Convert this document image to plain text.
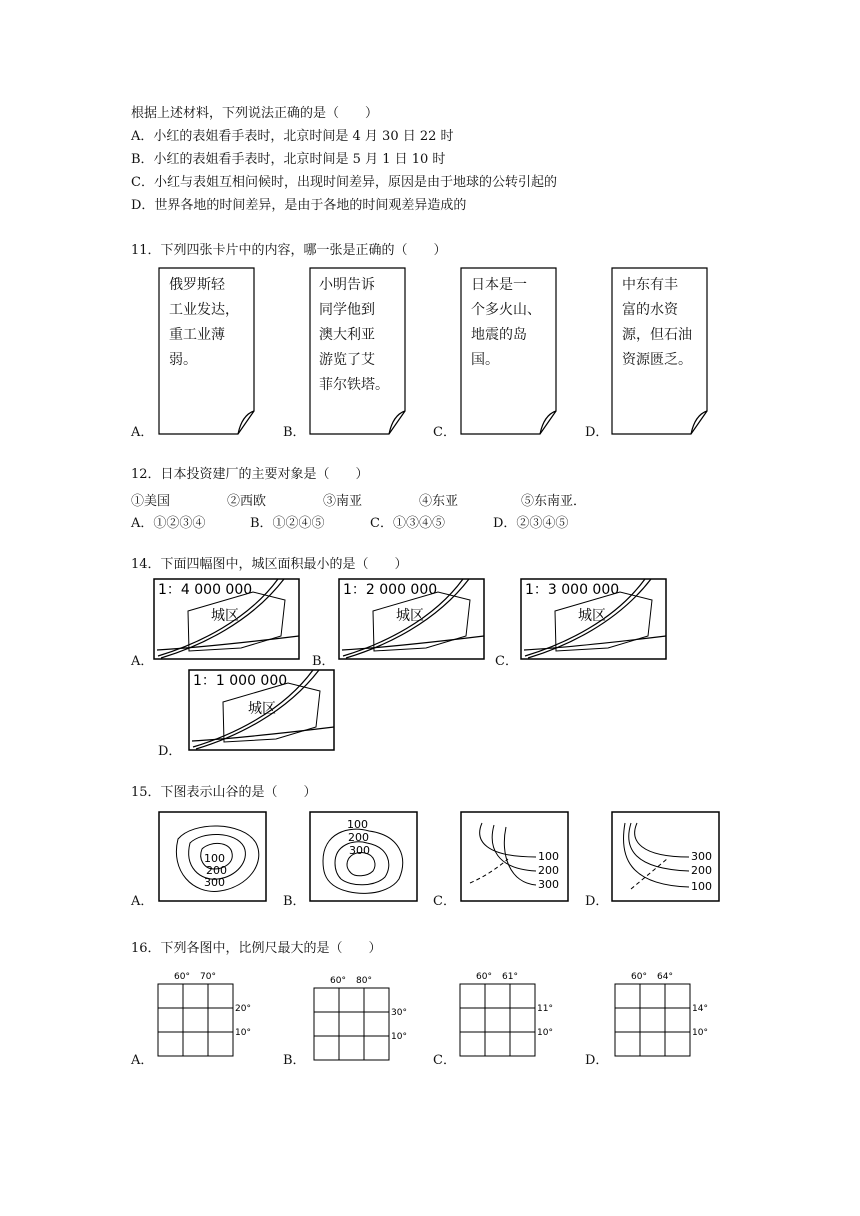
根据上述材料，下列说法正确的是（　　）
A．小红的表姐看手表时，北京时间是 4 月 30 日 22 时
B．小红的表姐看手表时，北京时间是 5 月 1 日 10 时
C．小红与表姐互相问候时，出现时间差异，原因是由于地球的公转引起的
D．世界各地的时间差异，是由于各地的时间观差异造成的
11．下列四张卡片中的内容，哪一张是正确的（　　）
A．	B．	C．	D．
俄罗斯轻
工业发达，
重工业薄
弱。
小明告诉
同学他到
澳大利亚
游览了艾
菲尔铁塔。
日本是一
个多火山、
地震的岛
国。
中东有丰
富的水资
源，但石油
资源匮乏。
12．日本投资建厂的主要对象是（　　）
①美国	②西欧	③南亚	④东亚	⑤东南亚．
A．①②③④	B．①②④⑤	C．①③④⑤	D．②③④⑤
14．下面四幅图中，城区面积最小的是（　　）
A．	B．	C．
D．
1：4 000 000
城区
1：2 000 000
城区
1：3 000 000
城区
1：1 000 000
城区
15．下图表示山谷的是（　　）
A．	B．	C．	D．
100
200
300
100
200
300	100
200
300
300
200
100
16．下列各图中，比例尺最大的是（　　）
A．	B．	C．	D．
60° 70°
20°
10°
60° 80°
30°
10°
60° 61°
11°
10°
60° 64°
14°
10°
